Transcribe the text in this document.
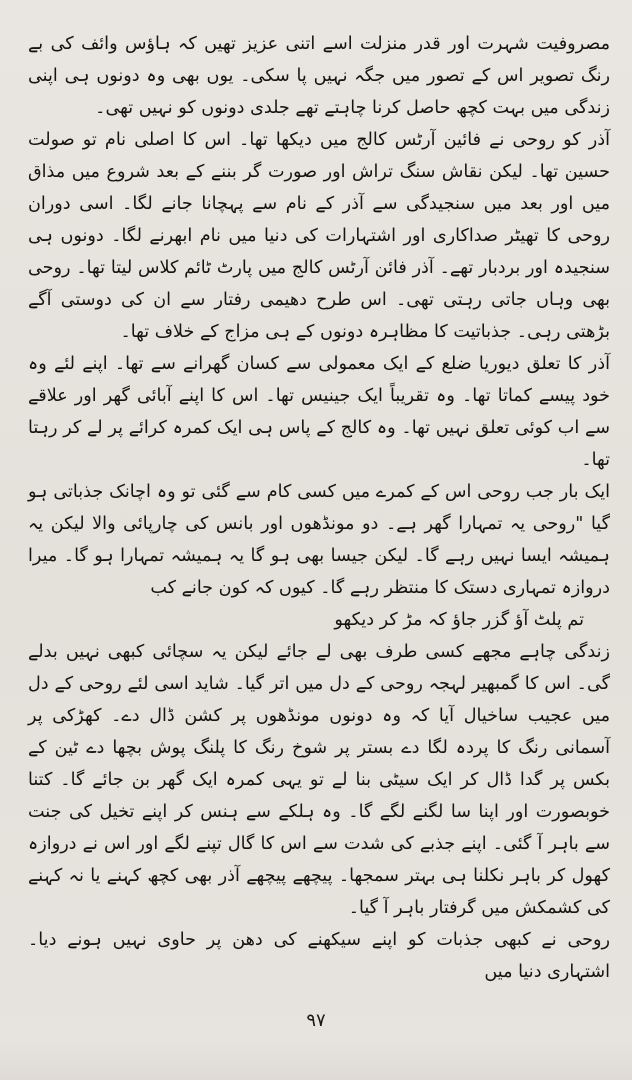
مصروفیت شہرت اور قدر منزلت اسے اتنی عزیز تھیں کہ ہاؤس وائف کی بے رنگ تصویر اس کے تصور میں جگہ نہیں پا سکی۔ یوں بھی وہ دونوں ہی اپنی زندگی میں بہت کچھ حاصل کرنا چاہتے تھے جلدی دونوں کو نہیں تھی۔

آذر کو روحی نے فائین آرٹس کالج میں دیکھا تھا۔ اس کا اصلی نام تو صولت حسین تھا۔ لیکن نقاش سنگ تراش اور صورت گر بننے کے بعد شروع میں مذاق میں اور بعد میں سنجیدگی سے آذر کے نام سے پہچانا جانے لگا۔ اسی دوران روحی کا تھیٹر صداکاری اور اشتہارات کی دنیا میں نام ابھرنے لگا۔ دونوں ہی سنجیدہ اور بردبار تھے۔ آذر فائن آرٹس کالج میں پارٹ ٹائم کلاس لیتا تھا۔ روحی بھی وہاں جاتی رہتی تھی۔ اس طرح دھیمی رفتار سے ان کی دوستی آگے بڑھتی رہی۔ جذباتیت کا مظاہرہ دونوں کے ہی مزاج کے خلاف تھا۔

آذر کا تعلق دیوریا ضلع کے ایک معمولی سے کسان گھرانے سے تھا۔ اپنے لئے وہ خود پیسے کماتا تھا۔ وہ تقریباً ایک جینیس تھا۔ اس کا اپنے آبائی گھر اور علاقے سے اب کوئی تعلق نہیں تھا۔ وہ کالج کے پاس ہی ایک کمرہ کرائے پر لے کر رہتا تھا۔

ایک بار جب روحی اس کے کمرے میں کسی کام سے گئی تو وہ اچانک جذباتی ہو گیا "روحی یہ تمہارا گھر ہے۔ دو مونڈھوں اور بانس کی چارپائی والا لیکن یہ ہمیشہ ایسا نہیں رہے گا۔ لیکن جیسا بھی ہو گا یہ ہمیشہ تمہارا ہو گا۔ میرا دروازہ تمہاری دستک کا منتظر رہے گا۔ کیوں کہ کون جانے کب

تم پلٹ آؤ گزر جاؤ کہ مڑ کر دیکھو

زندگی چاہے مجھے کسی طرف بھی لے جائے لیکن یہ سچائی کبھی نہیں بدلے گی۔ اس کا گمبھیر لہجہ روحی کے دل میں اتر گیا۔ شاید اسی لئے روحی کے دل میں عجیب ساخیال آیا کہ وہ دونوں مونڈھوں پر کشن ڈال دے۔ کھڑکی پر آسمانی رنگ کا پردہ لگا دے بستر پر شوخ رنگ کا پلنگ پوش بچھا دے ٹین کے بکس پر گدا ڈال کر ایک سیٹی بنا لے تو یہی کمرہ ایک گھر بن جائے گا۔ کتنا خوبصورت اور اپنا سا لگنے لگے گا۔ وہ ہلکے سے ہنس کر اپنے تخیل کی جنت سے باہر آ گئی۔ اپنے جذبے کی شدت سے اس کا گال تپنے لگے اور اس نے دروازہ کھول کر باہر نکلنا ہی بہتر سمجھا۔ پیچھے پیچھے آذر بھی کچھ کہنے یا نہ کہنے کی کشمکش میں گرفتار باہر آ گیا۔

روحی نے کبھی جذبات کو اپنے سیکھنے کی دھن پر حاوی نہیں ہونے دیا۔ اشتہاری دنیا میں

۹۷
